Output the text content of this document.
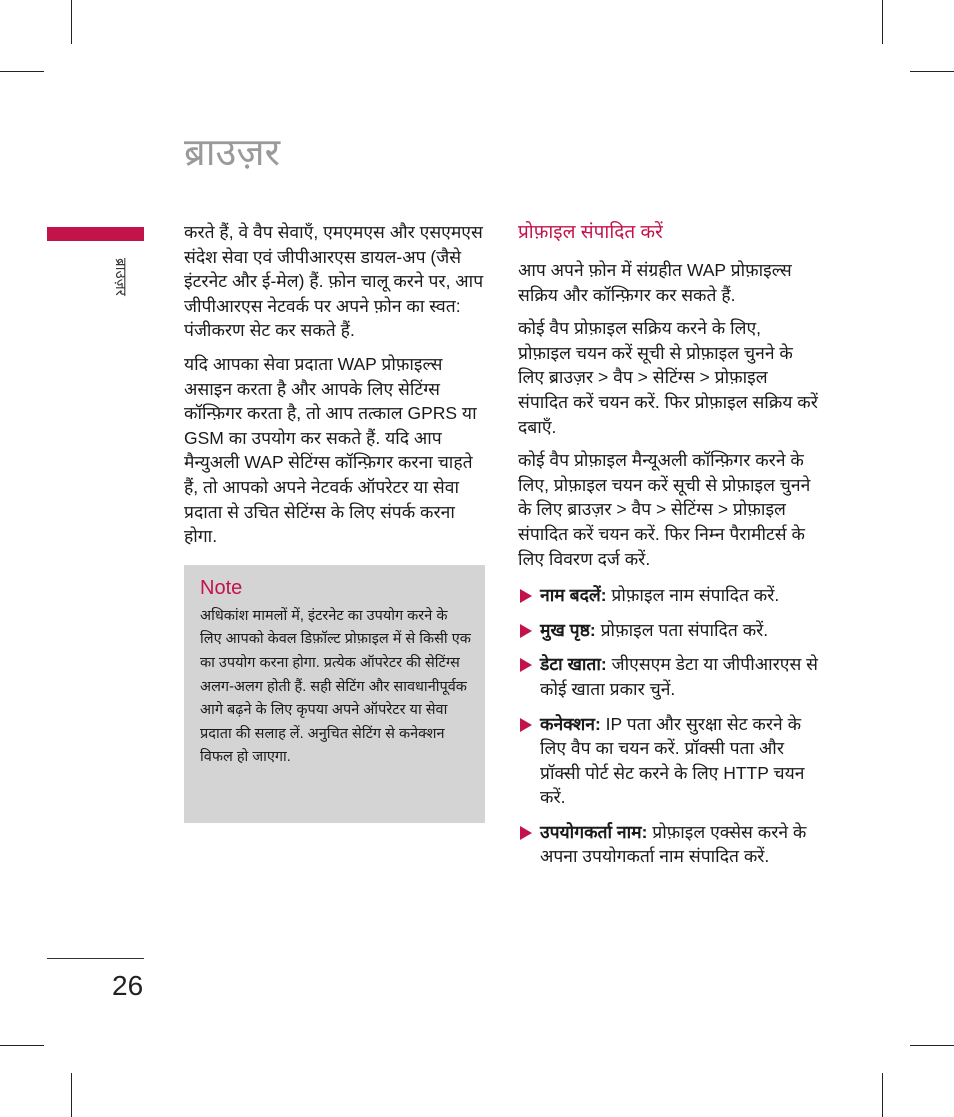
ब्राउज़र
ब्राउज़र
26

करते हैं, वे वैप सेवाएँ, एमएमएस और एसएमएस संदेश सेवा एवं जीपीआरएस डायल-अप (जैसे इंटरनेट और ई-मेल) हैं. फ़ोन चालू करने पर, आप जीपीआरएस नेटवर्क पर अपने फ़ोन का स्वत: पंजीकरण सेट कर सकते हैं.

यदि आपका सेवा प्रदाता WAP प्रोफ़ाइल्स असाइन करता है और आपके लिए सेटिंग्स कॉन्फ़िगर करता है, तो आप तत्काल GPRS या GSM का उपयोग कर सकते हैं. यदि आप मैन्युअली WAP सेटिंग्स कॉन्फ़िगर करना चाहते हैं, तो आपको अपने नेटवर्क ऑपरेटर या सेवा प्रदाता से उचित सेटिंग्स के लिए संपर्क करना होगा.

Note

अधिकांश मामलों में, इंटरनेट का उपयोग करने के लिए आपको केवल डिफ़ॉल्ट प्रोफ़ाइल में से किसी एक का उपयोग करना होगा. प्रत्येक ऑपरेटर की सेटिंग्स अलग-अलग होती हैं. सही सेटिंग और सावधानीपूर्वक आगे बढ़ने के लिए कृपया अपने ऑपरेटर या सेवा प्रदाता की सलाह लें. अनुचित सेटिंग से कनेक्शन विफल हो जाएगा.

प्रोफ़ाइल संपादित करें

आप अपने फ़ोन में संग्रहीत WAP प्रोफ़ाइल्स सक्रिय और कॉन्फ़िगर कर सकते हैं.

कोई वैप प्रोफ़ाइल सक्रिय करने के लिए, प्रोफ़ाइल चयन करें सूची से प्रोफ़ाइल चुनने के लिए ब्राउज़र > वैप > सेटिंग्स > प्रोफ़ाइल संपादित करें चयन करें. फिर प्रोफ़ाइल सक्रिय करें दबाएँ.

कोई वैप प्रोफ़ाइल मैन्यूअली कॉन्फ़िगर करने के लिए, प्रोफ़ाइल चयन करें सूची से प्रोफ़ाइल चुनने के लिए ब्राउज़र > वैप > सेटिंग्स > प्रोफ़ाइल संपादित करें चयन करें. फिर निम्न पैरामीटर्स के लिए विवरण दर्ज करें.

नाम बदलें: प्रोफ़ाइल नाम संपादित करें.
मुख पृष्ठ: प्रोफ़ाइल पता संपादित करें.
डेटा खाता: जीएसएम डेटा या जीपीआरएस से कोई खाता प्रकार चुनें.
कनेक्शन: IP पता और सुरक्षा सेट करने के लिए वैप का चयन करें. प्रॉक्सी पता और प्रॉक्सी पोर्ट सेट करने के लिए HTTP चयन करें.
उपयोगकर्ता नाम: प्रोफ़ाइल एक्सेस करने के अपना उपयोगकर्ता नाम संपादित करें.
